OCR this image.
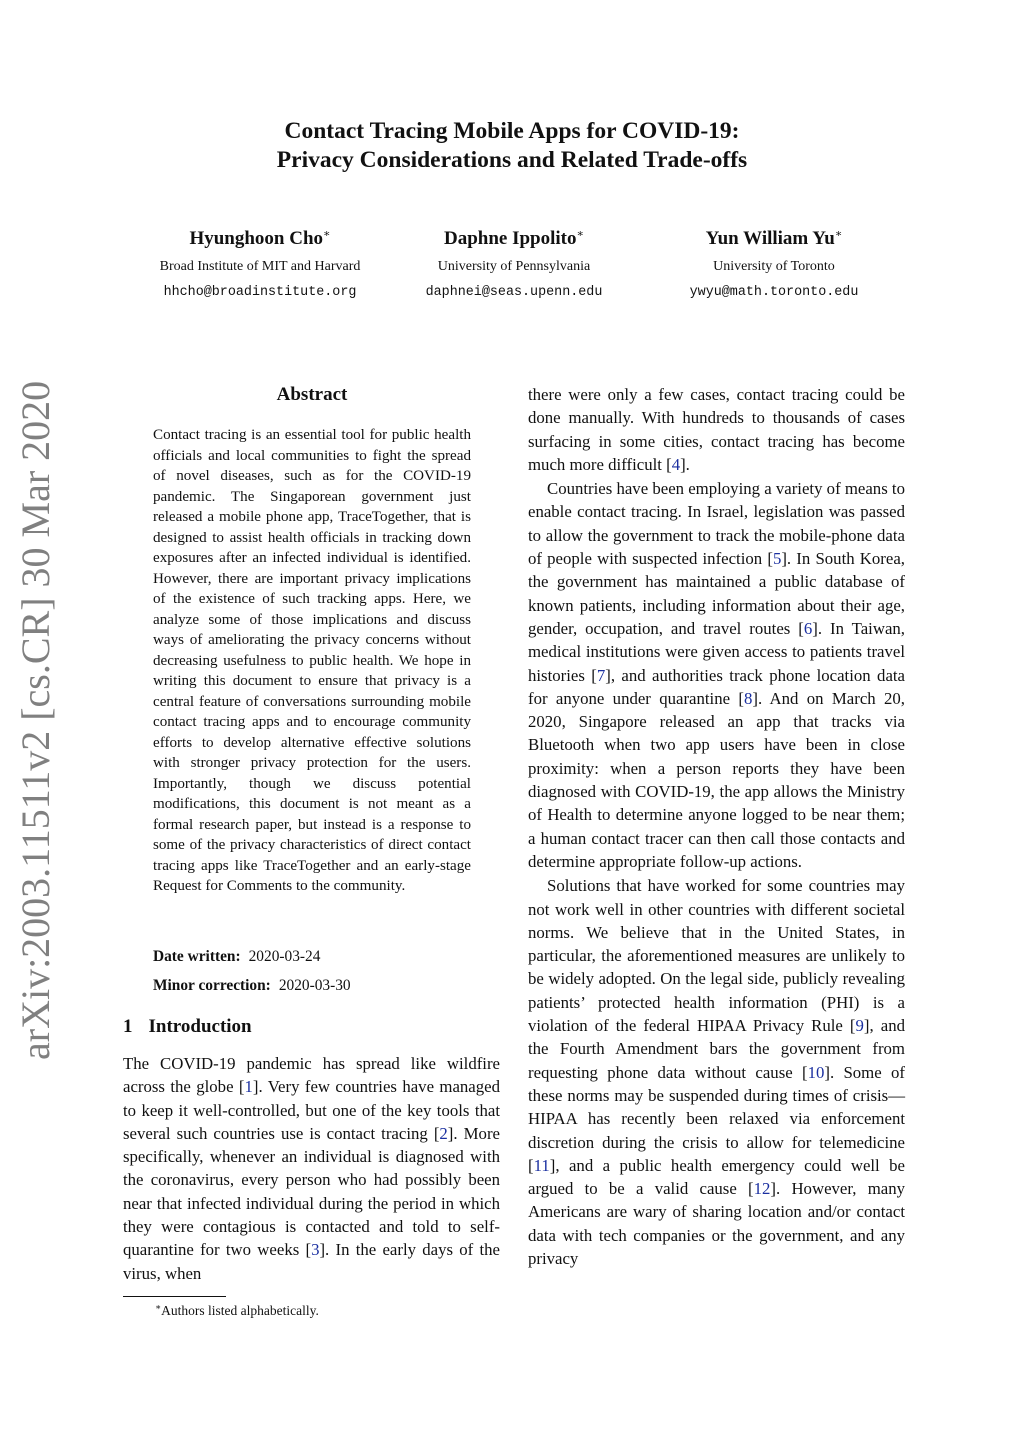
arXiv:2003.11511v2 [cs.CR] 30 Mar 2020
Contact Tracing Mobile Apps for COVID-19:
Privacy Considerations and Related Trade-offs
Hyunghoon Cho∗
Broad Institute of MIT and Harvard
hhcho@broadinstitute.org
Daphne Ippolito∗
University of Pennsylvania
daphnei@seas.upenn.edu
Yun William Yu∗
University of Toronto
ywyu@math.toronto.edu
Abstract
Contact tracing is an essential tool for public health officials and local communities to fight the spread of novel diseases, such as for the COVID-19 pandemic. The Singaporean government just released a mobile phone app, TraceTogether, that is designed to assist health officials in tracking down exposures after an infected individual is identified. However, there are important privacy implications of the existence of such tracking apps. Here, we analyze some of those implications and discuss ways of ameliorating the privacy concerns without decreasing usefulness to public health. We hope in writing this document to ensure that privacy is a central feature of conversations surrounding mobile contact tracing apps and to encourage community efforts to develop alternative effective solutions with stronger privacy protection for the users. Importantly, though we discuss potential modifications, this document is not meant as a formal research paper, but instead is a response to some of the privacy characteristics of direct contact tracing apps like TraceTogether and an early-stage Request for Comments to the community.
Date written: 2020-03-24
Minor correction: 2020-03-30
1 Introduction

The COVID-19 pandemic has spread like wildfire across the globe [1]. Very few countries have managed to keep it well-controlled, but one of the key tools that several such countries use is contact tracing [2]. More specifically, whenever an individual is diagnosed with the coronavirus, every person who had possibly been near that infected individual during the period in which they were contagious is contacted and told to self-quarantine for two weeks [3]. In the early days of the virus, when

there were only a few cases, contact tracing could be done manually. With hundreds to thousands of cases surfacing in some cities, contact tracing has become much more difficult [4].

Countries have been employing a variety of means to enable contact tracing. In Israel, legislation was passed to allow the government to track the mobile-phone data of people with suspected infection [5]. In South Korea, the government has maintained a public database of known patients, including information about their age, gender, occupation, and travel routes [6]. In Taiwan, medical institutions were given access to patients travel histories [7], and authorities track phone location data for anyone under quarantine [8]. And on March 20, 2020, Singapore released an app that tracks via Bluetooth when two app users have been in close proximity: when a person reports they have been diagnosed with COVID-19, the app allows the Ministry of Health to determine anyone logged to be near them; a human contact tracer can then call those contacts and determine appropriate follow-up actions.

Solutions that have worked for some countries may not work well in other countries with different societal norms. We believe that in the United States, in particular, the aforementioned measures are unlikely to be widely adopted. On the legal side, publicly revealing patients’ protected health information (PHI) is a violation of the federal HIPAA Privacy Rule [9], and the Fourth Amendment bars the government from requesting phone data without cause [10]. Some of these norms may be suspended during times of crisis—HIPAA has recently been relaxed via enforcement discretion during the crisis to allow for telemedicine [11], and a public health emergency could well be argued to be a valid cause [12]. However, many Americans are wary of sharing location and/or contact data with tech companies or the government, and any privacy

∗Authors listed alphabetically.
